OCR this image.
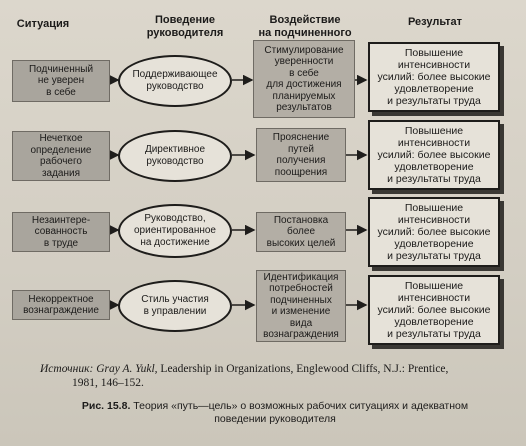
Ситуация	Поведение
руководителя
Воздействие
на подчиненного
Результат
Подчиненный
не уверен
в себе
Поддерживающее
руководство
Стимулирование
уверенности
в себе
для достижения
планируемых
результатов
Повышение
интенсивности
усилий: более высокие
удовлетворение
и результаты труда
Нечеткое
определение
рабочего
задания
Директивное
руководство
Прояснение
путей
получения
поощрения
Повышение
интенсивности
усилий: более высокие
удовлетворение
и результаты труда
Незаинтере-
сованность
в труде
Руководство,
ориентированное
на достижение
Постановка
более
высоких целей
Повышение
интенсивности
усилий: более высокие
удовлетворение
и результаты труда
Некорректное
вознаграждение
Стиль участия
в управлении
Идентификация
потребностей
подчиненных
и изменение
вида
вознаграждения
Повышение
интенсивности
усилий: более высокие
удовлетворение
и результаты труда
Источник: Gray A. Yukl, Leadership in Organizations, Englewood Cliffs, N.J.: Prentice,
1981, 146–152.
Рис. 15.8. Теория «путь—цель» о возможных рабочих ситуациях и адекватном
поведении руководителя
